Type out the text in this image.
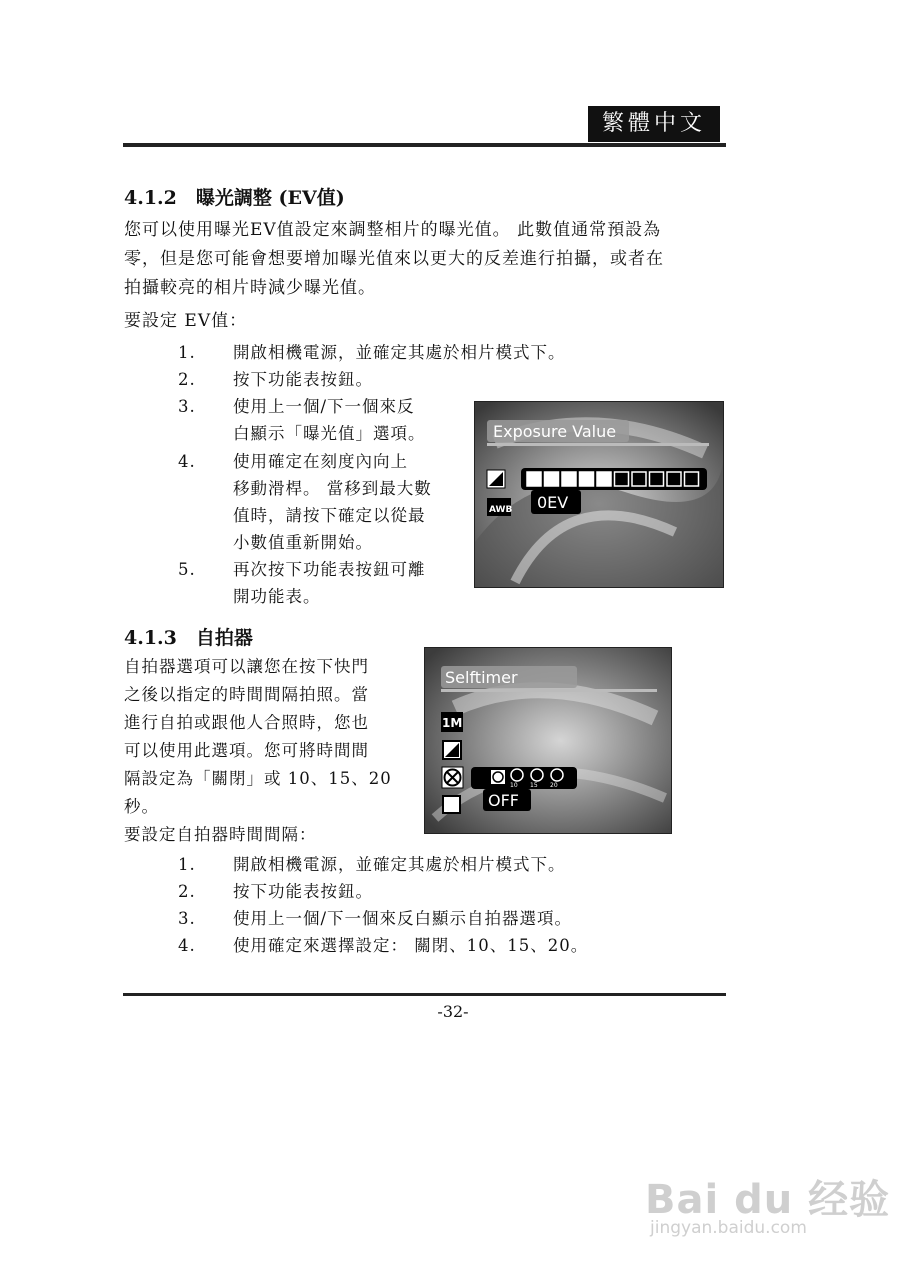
繁體中文
4.1.2　曝光調整 (EV值)
您可以使用曝光EV值設定來調整相片的曝光值。 此數值通常預設為
零，但是您可能會想要增加曝光值來以更大的反差進行拍攝，或者在
拍攝較亮的相片時減少曝光值。
要設定 EV值：
1. 開啟相機電源，並確定其處於相片模式下。
2. 按下功能表按鈕。
3. 使用上一個/下一個來反
白顯示「曝光值」選項。
4. 使用確定在刻度內向上
移動滑桿。 當移到最大數
值時，請按下確定以從最
小數值重新開始。
5. 再次按下功能表按鈕可離
開功能表。
Exposure Value
AWB 0EV
4.1.3　自拍器
自拍器選項可以讓您在按下快門
之後以指定的時間間隔拍照。當
進行自拍或跟他人合照時，您也
可以使用此選項。您可將時間間
隔設定為「關閉」或 10、15、20
秒。
要設定自拍器時間間隔：
Selftimer
1M
10 15 20
OFF
1. 開啟相機電源，並確定其處於相片模式下。
2. 按下功能表按鈕。
3. 使用上一個/下一個來反白顯示自拍器選項。
4. 使用確定來選擇設定： 關閉、10、15、20。
-32-
Bai du 经验
jingyan.baidu.com
